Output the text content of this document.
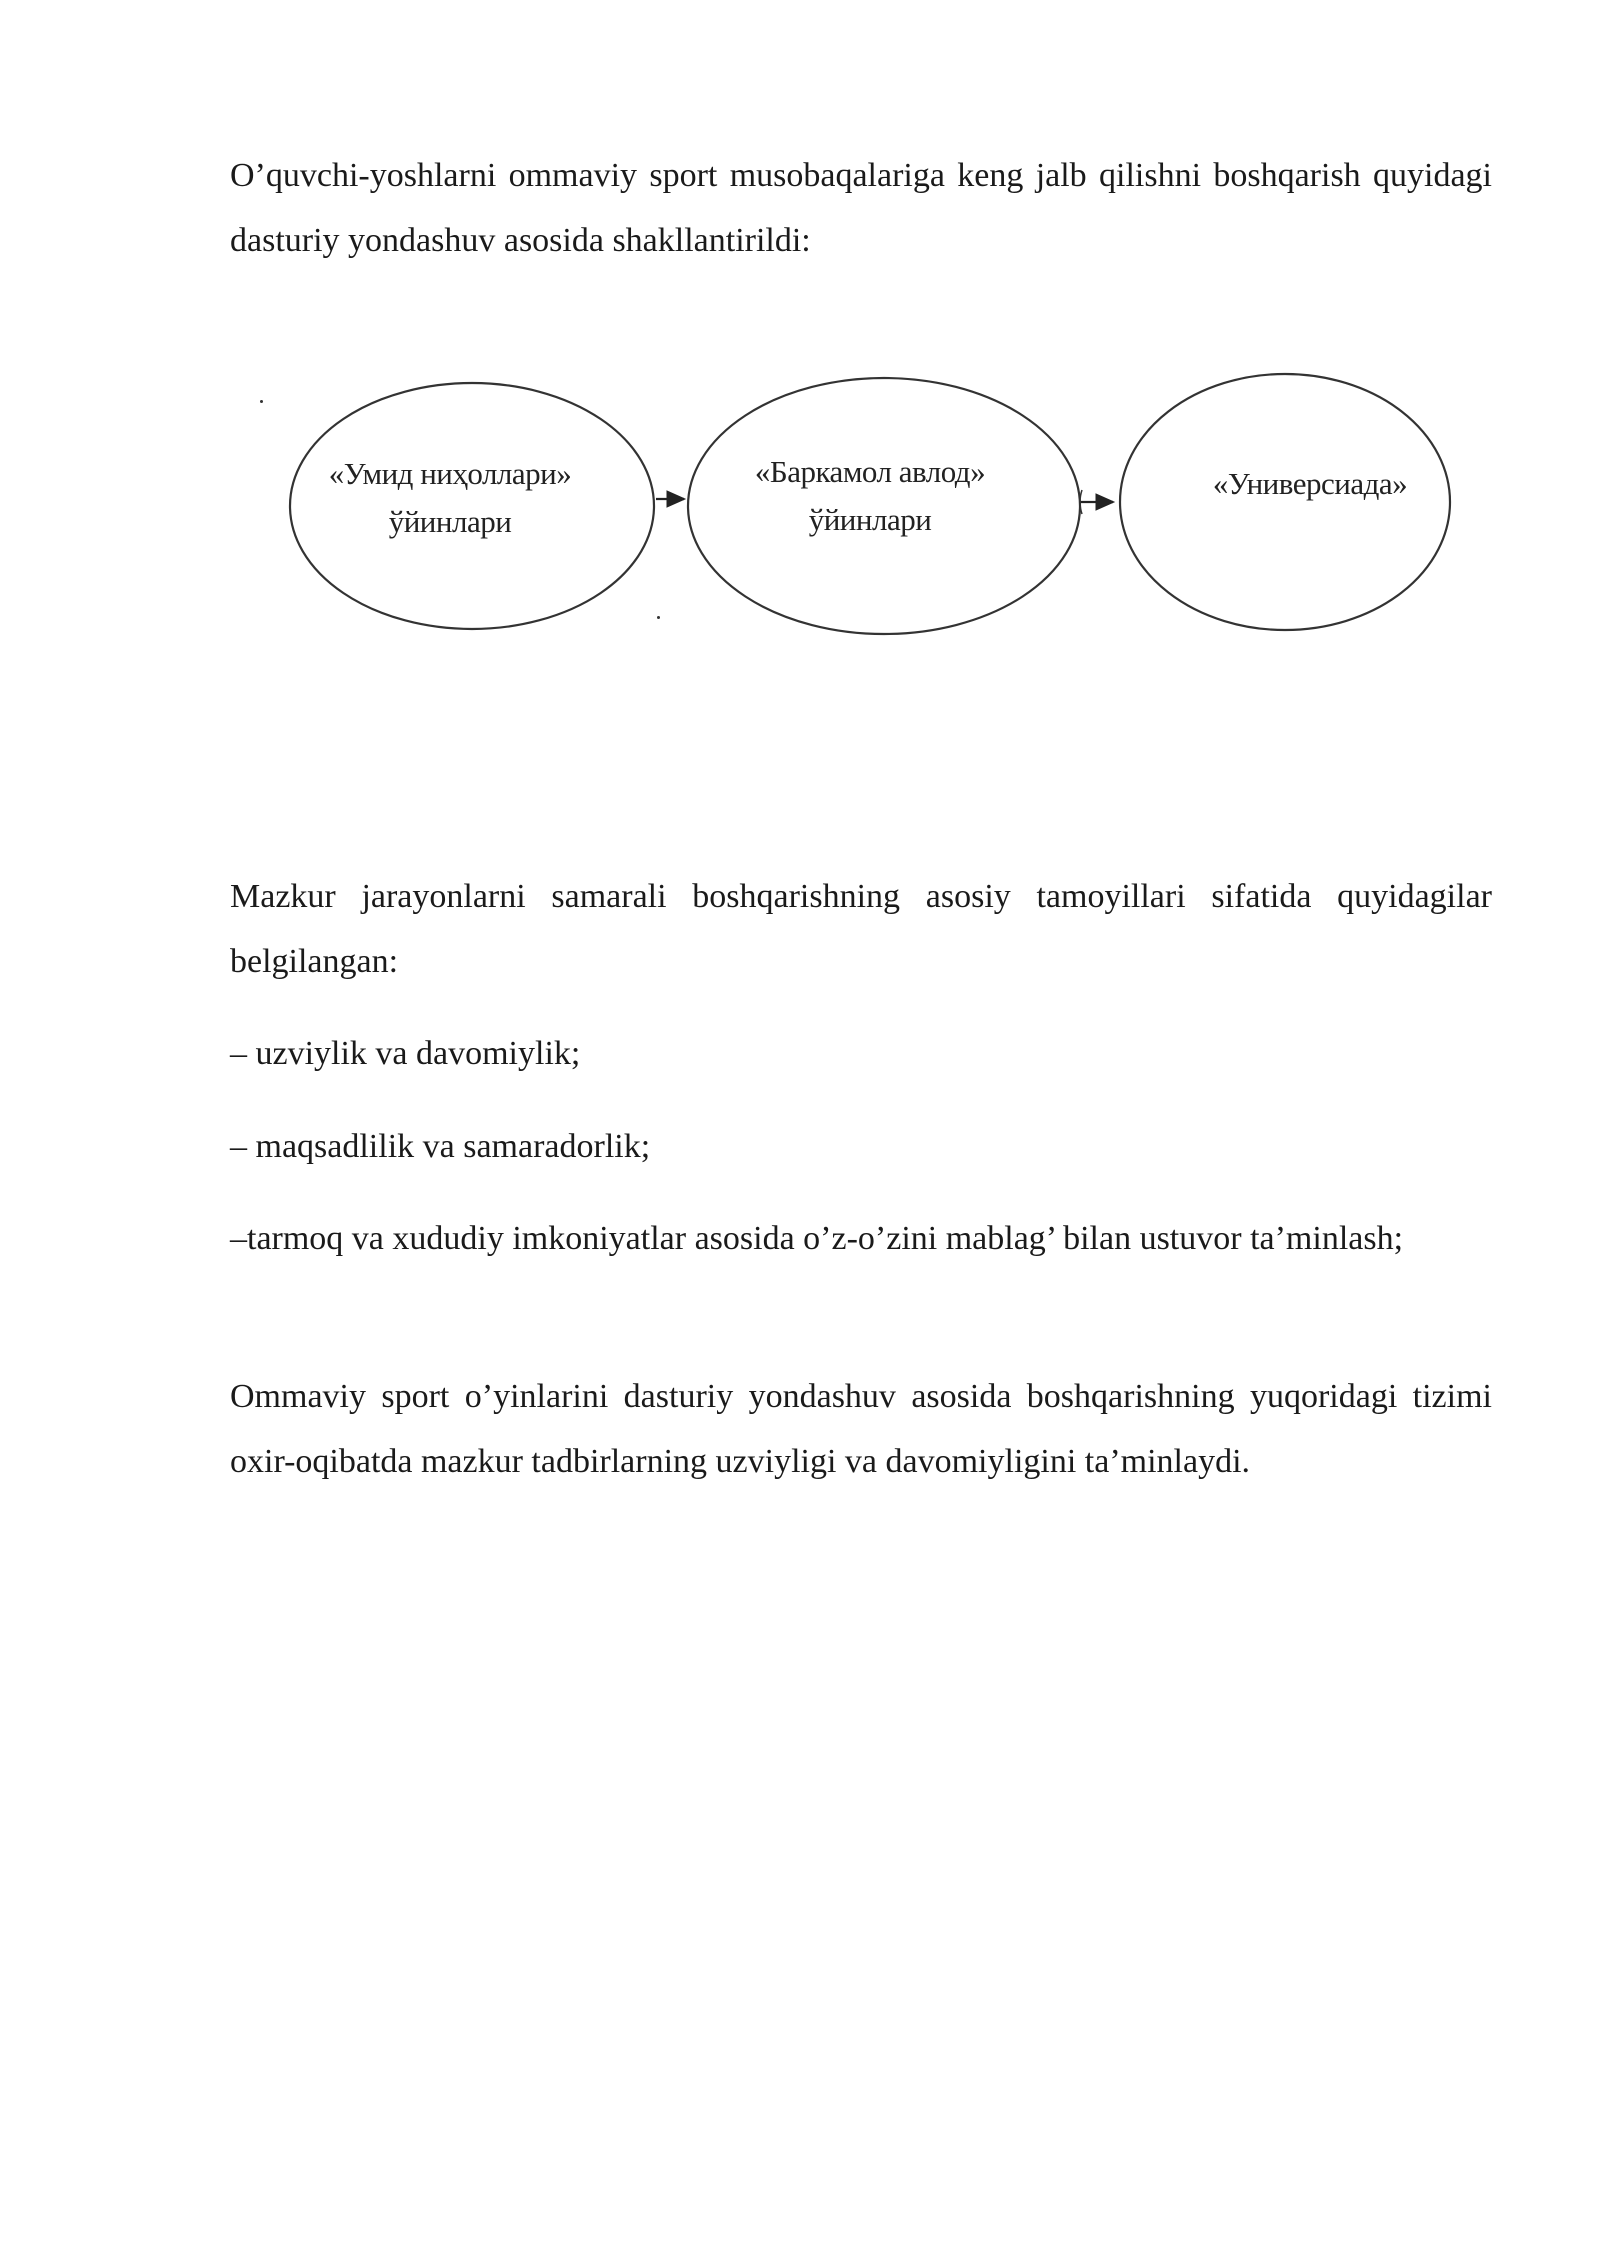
O’quvchi-yoshlarni ommaviy sport musobaqalariga keng jalb qilishni boshqarish quyidagi dasturiy yondashuv asosida shakllantirildi:

«Умид ниҳоллари»
ўйинлари
«Баркамол авлод»
ўйинлари
«Универсиада»

Mazkur jarayonlarni samarali boshqarishning asosiy tamoyillari sifatida quyidagilar belgilangan:

– uzviylik va davomiylik;

– maqsadlilik va samaradorlik;

–tarmoq va xududiy imkoniyatlar asosida o’z-o’zini mablag’ bilan ustuvor ta’minlash;

Ommaviy sport o’yinlarini dasturiy yondashuv asosida boshqarishning yuqoridagi tizimi oxir-oqibatda mazkur tadbirlarning uzviyligi va davomiyligini ta’minlaydi.
